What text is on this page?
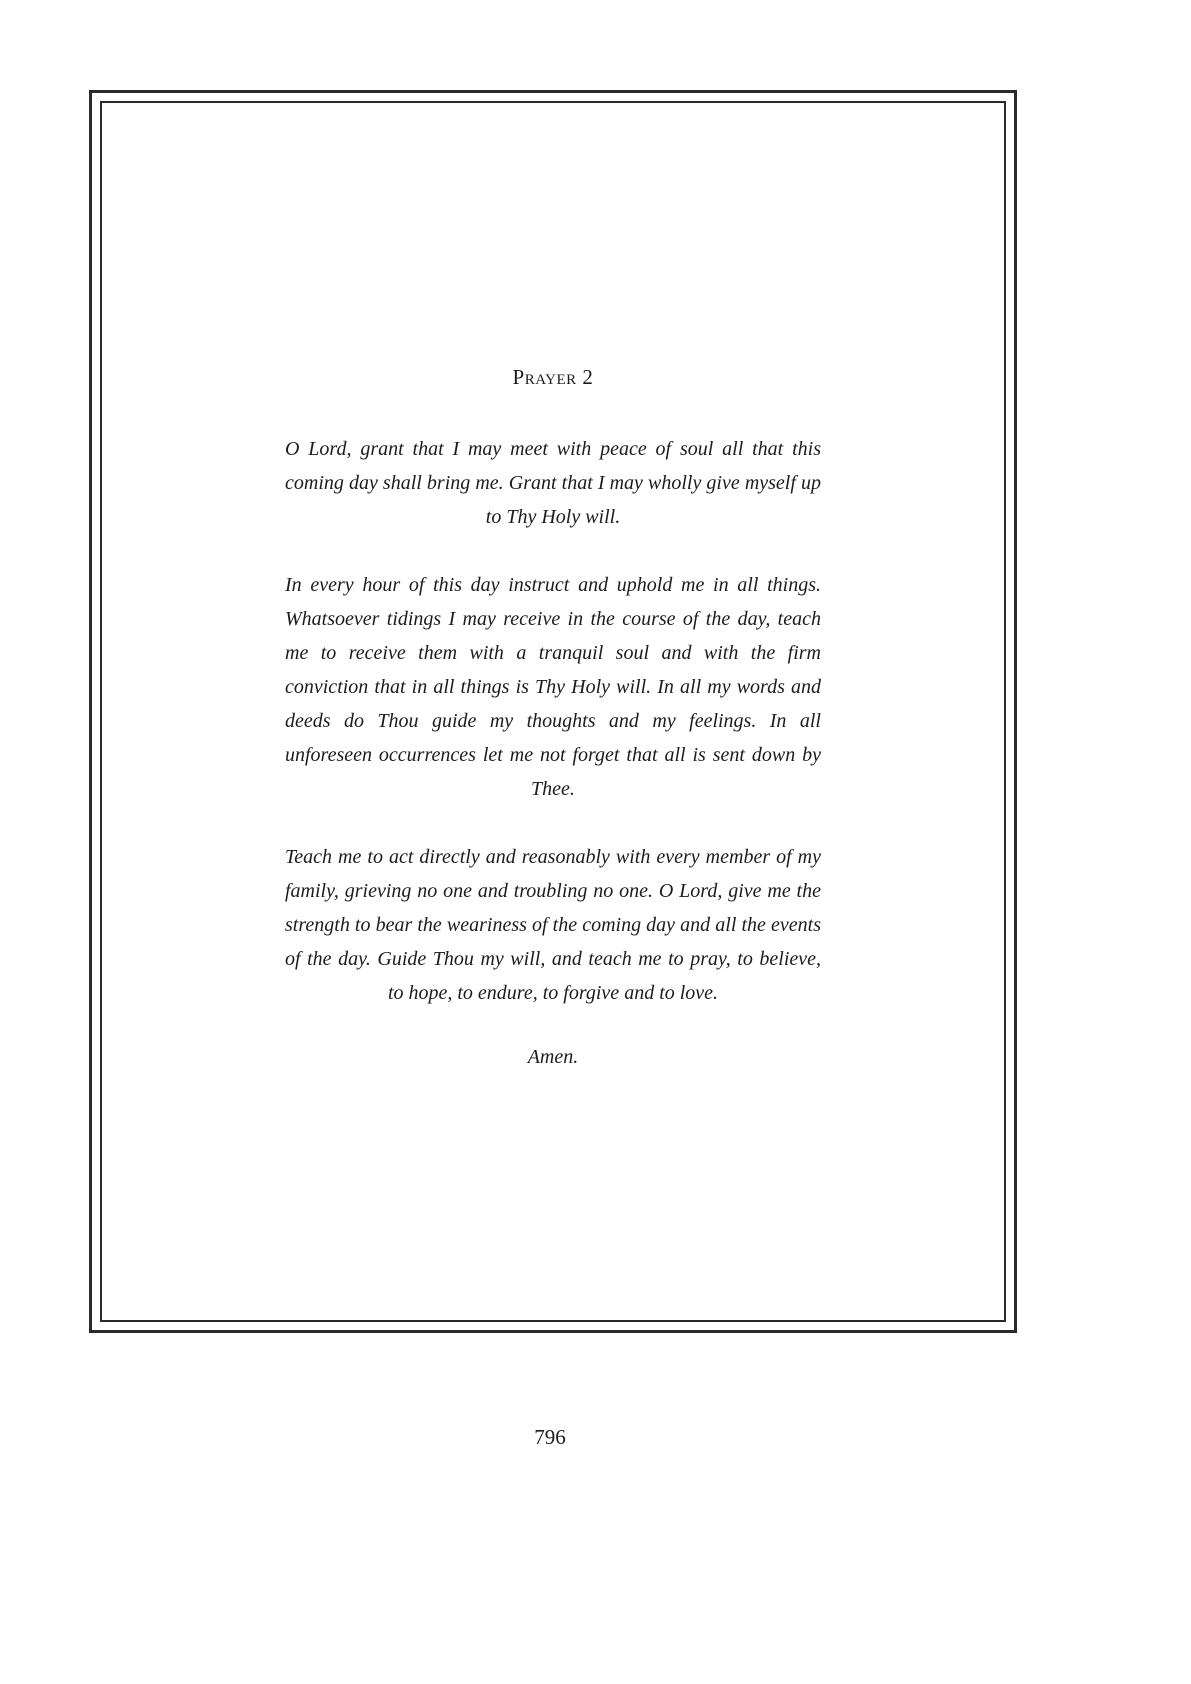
Prayer 2

O Lord, grant that I may meet with peace of soul all that this coming day shall bring me. Grant that I may wholly give myself up to Thy Holy will.

In every hour of this day instruct and uphold me in all things. Whatsoever tidings I may receive in the course of the day, teach me to receive them with a tranquil soul and with the firm conviction that in all things is Thy Holy will. In all my words and deeds do Thou guide my thoughts and my feelings. In all unforeseen occurrences let me not forget that all is sent down by Thee.

Teach me to act directly and reasonably with every member of my family, grieving no one and troubling no one. O Lord, give me the strength to bear the weariness of the coming day and all the events of the day. Guide Thou my will, and teach me to pray, to believe, to hope, to endure, to forgive and to love.

Amen.

796
